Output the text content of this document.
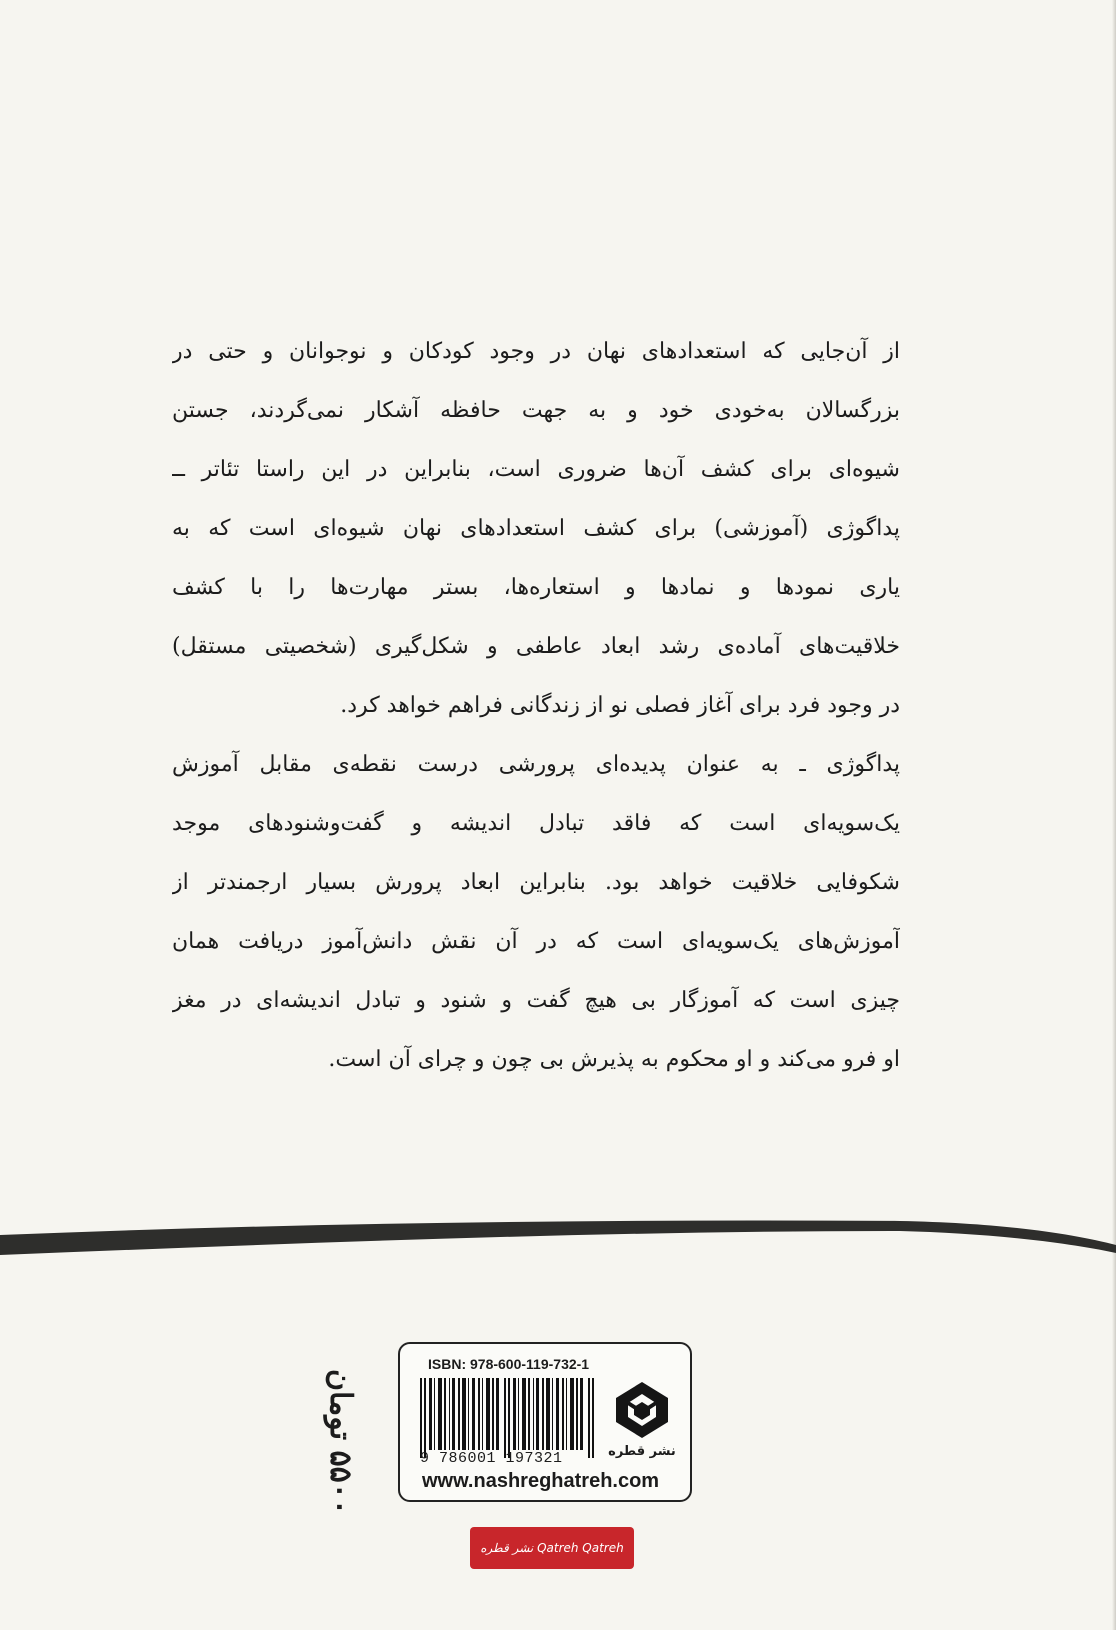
از آن‌جایی که استعدادهای نهان در وجود کودکان و نوجوانان و حتی در

بزرگسالان به‌خودی خود و به جهت حافظه آشکار نمی‌گردند، جستن

شیوه‌ای برای کشف آن‌ها ضروری است، بنابراین در این راستا تئاتر ــ

پداگوژی (آموزشی) برای کشف استعدادهای نهان شیوه‌ای است که به

یاری نمودها و نمادها و استعاره‌ها، بستر مهارت‌ها را با کشف

خلاقیت‌های آماده‌ی رشد ابعاد عاطفی و شکل‌گیری (شخصیتی مستقل)

در وجود فرد برای آغاز فصلی نو از زندگانی فراهم خواهد کرد.

پداگوژی ـ به عنوان پدیده‌ای پرورشی درست نقطه‌ی مقابل آموزش

یک‌سویه‌ای است که فاقد تبادل اندیشه و گفت‌وشنودهای موجد

شکوفایی خلاقیت خواهد بود. بنابراین ابعاد پرورش بسیار ارجمندتر از

آموزش‌های یک‌سویه‌ای است که در آن نقش دانش‌آموز دریافت همان

چیزی است که آموزگار بی هیچ گفت و شنود و تبادل اندیشه‌ای در مغز

او فرو می‌کند و او محکوم به پذیرش بی چون و چرای آن است.

۵۵۰۰ تومان
ISBN: 978-600-119-732-1
9 786001 197321	نشر قطره
www.nashreghatreh.com
Qatreh Qatreh نشر قطره
